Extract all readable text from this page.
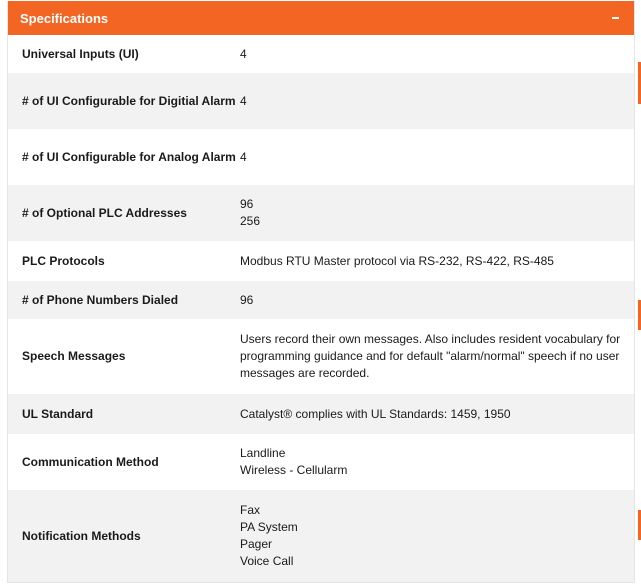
Specifications
Universal Inputs (UI)	4

# of UI Configurable for Digitial Alarm	4

# of UI Configurable for Analog Alarm	4

# of Optional PLC Addresses	96
256

PLC Protocols	Modbus RTU Master protocol via RS-232, RS-422, RS-485

# of Phone Numbers Dialed	96

Speech Messages	Users record their own messages. Also includes resident vocabulary for programming guidance and for default "alarm/normal" speech if no user messages are recorded.

UL Standard	Catalyst® complies with UL Standards: 1459, 1950

Communication Method	Landline
Wireless - Cellularm

Notification Methods	Fax
PA System
Pager
Voice Call
